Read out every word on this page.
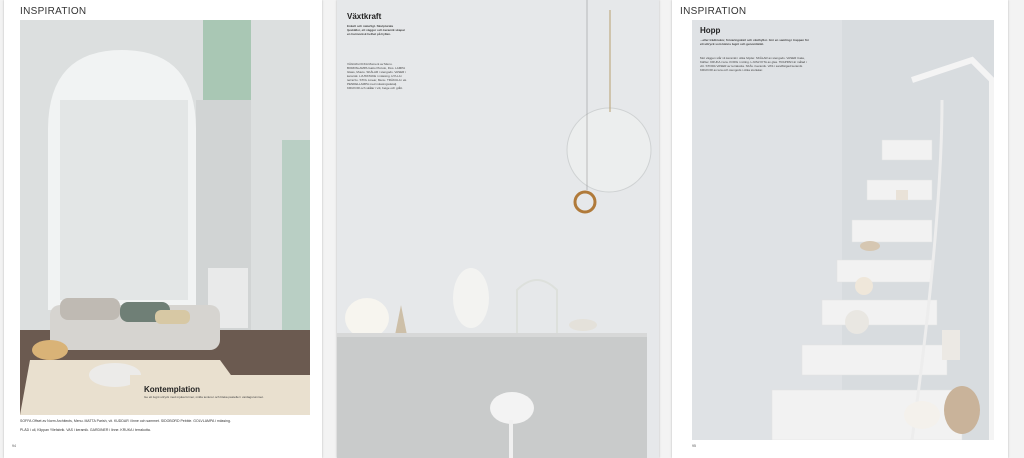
INSPIRATION
Kontemplation
Ge ett lugnt uttryck med mjuka former, milda texturer och bleka pasteller i vardagsrummet.
SOFFA Offset av Norm Architects, Menu. MATTA Parish, vit. KUDDAR i linne och sammet. SIDOBORD Pebble. GOLVLAMPA i mässing.
PLÄD i ull, Klippan Yllefabrik. VAS i keramik. GARDINER i linne. KRUKA i terrakotta.
94
Växtkraft
Enkelt och naturligt. Skulpturala ljuskällor, ett väggur och keramik skapar en harmonisk helhet på hyllan.
VÄGGKLOCKA Moment av Menu. BORDSLAMPA Gatto Piccolo, Flos. LAMPA Glass, Muuto. SKÅLAR i stengods. VASER i keramik. LJUSSTAKE i mässing. HYLLA i terrazzo. STOL Linear, Menu. TRÄKULA i ek. PENDELLAMPA med mässingsdetalj. KRUKOR och skålar i vitt, beige och grått.
INSPIRATION
Hopp
...eller trädkrukor, förvaringskärl och växthyllor. Gör en samling i trappan för ett uttryck som känns lugnt och genomtänkt.
Mot väggen står vit keramik i olika höjder. SKÅLAR av stengods. VASER Cake, Kähler. KRUKA i lera. KORG i rotting. LJUSLYKTA av glas. TRAPPAN är målad i vitt. STORA VASER av terrakotta. SKÅL i keramik. VAS i sandfärgad keramik. KRUKOR av lera och stengods i olika storlekar.
95
